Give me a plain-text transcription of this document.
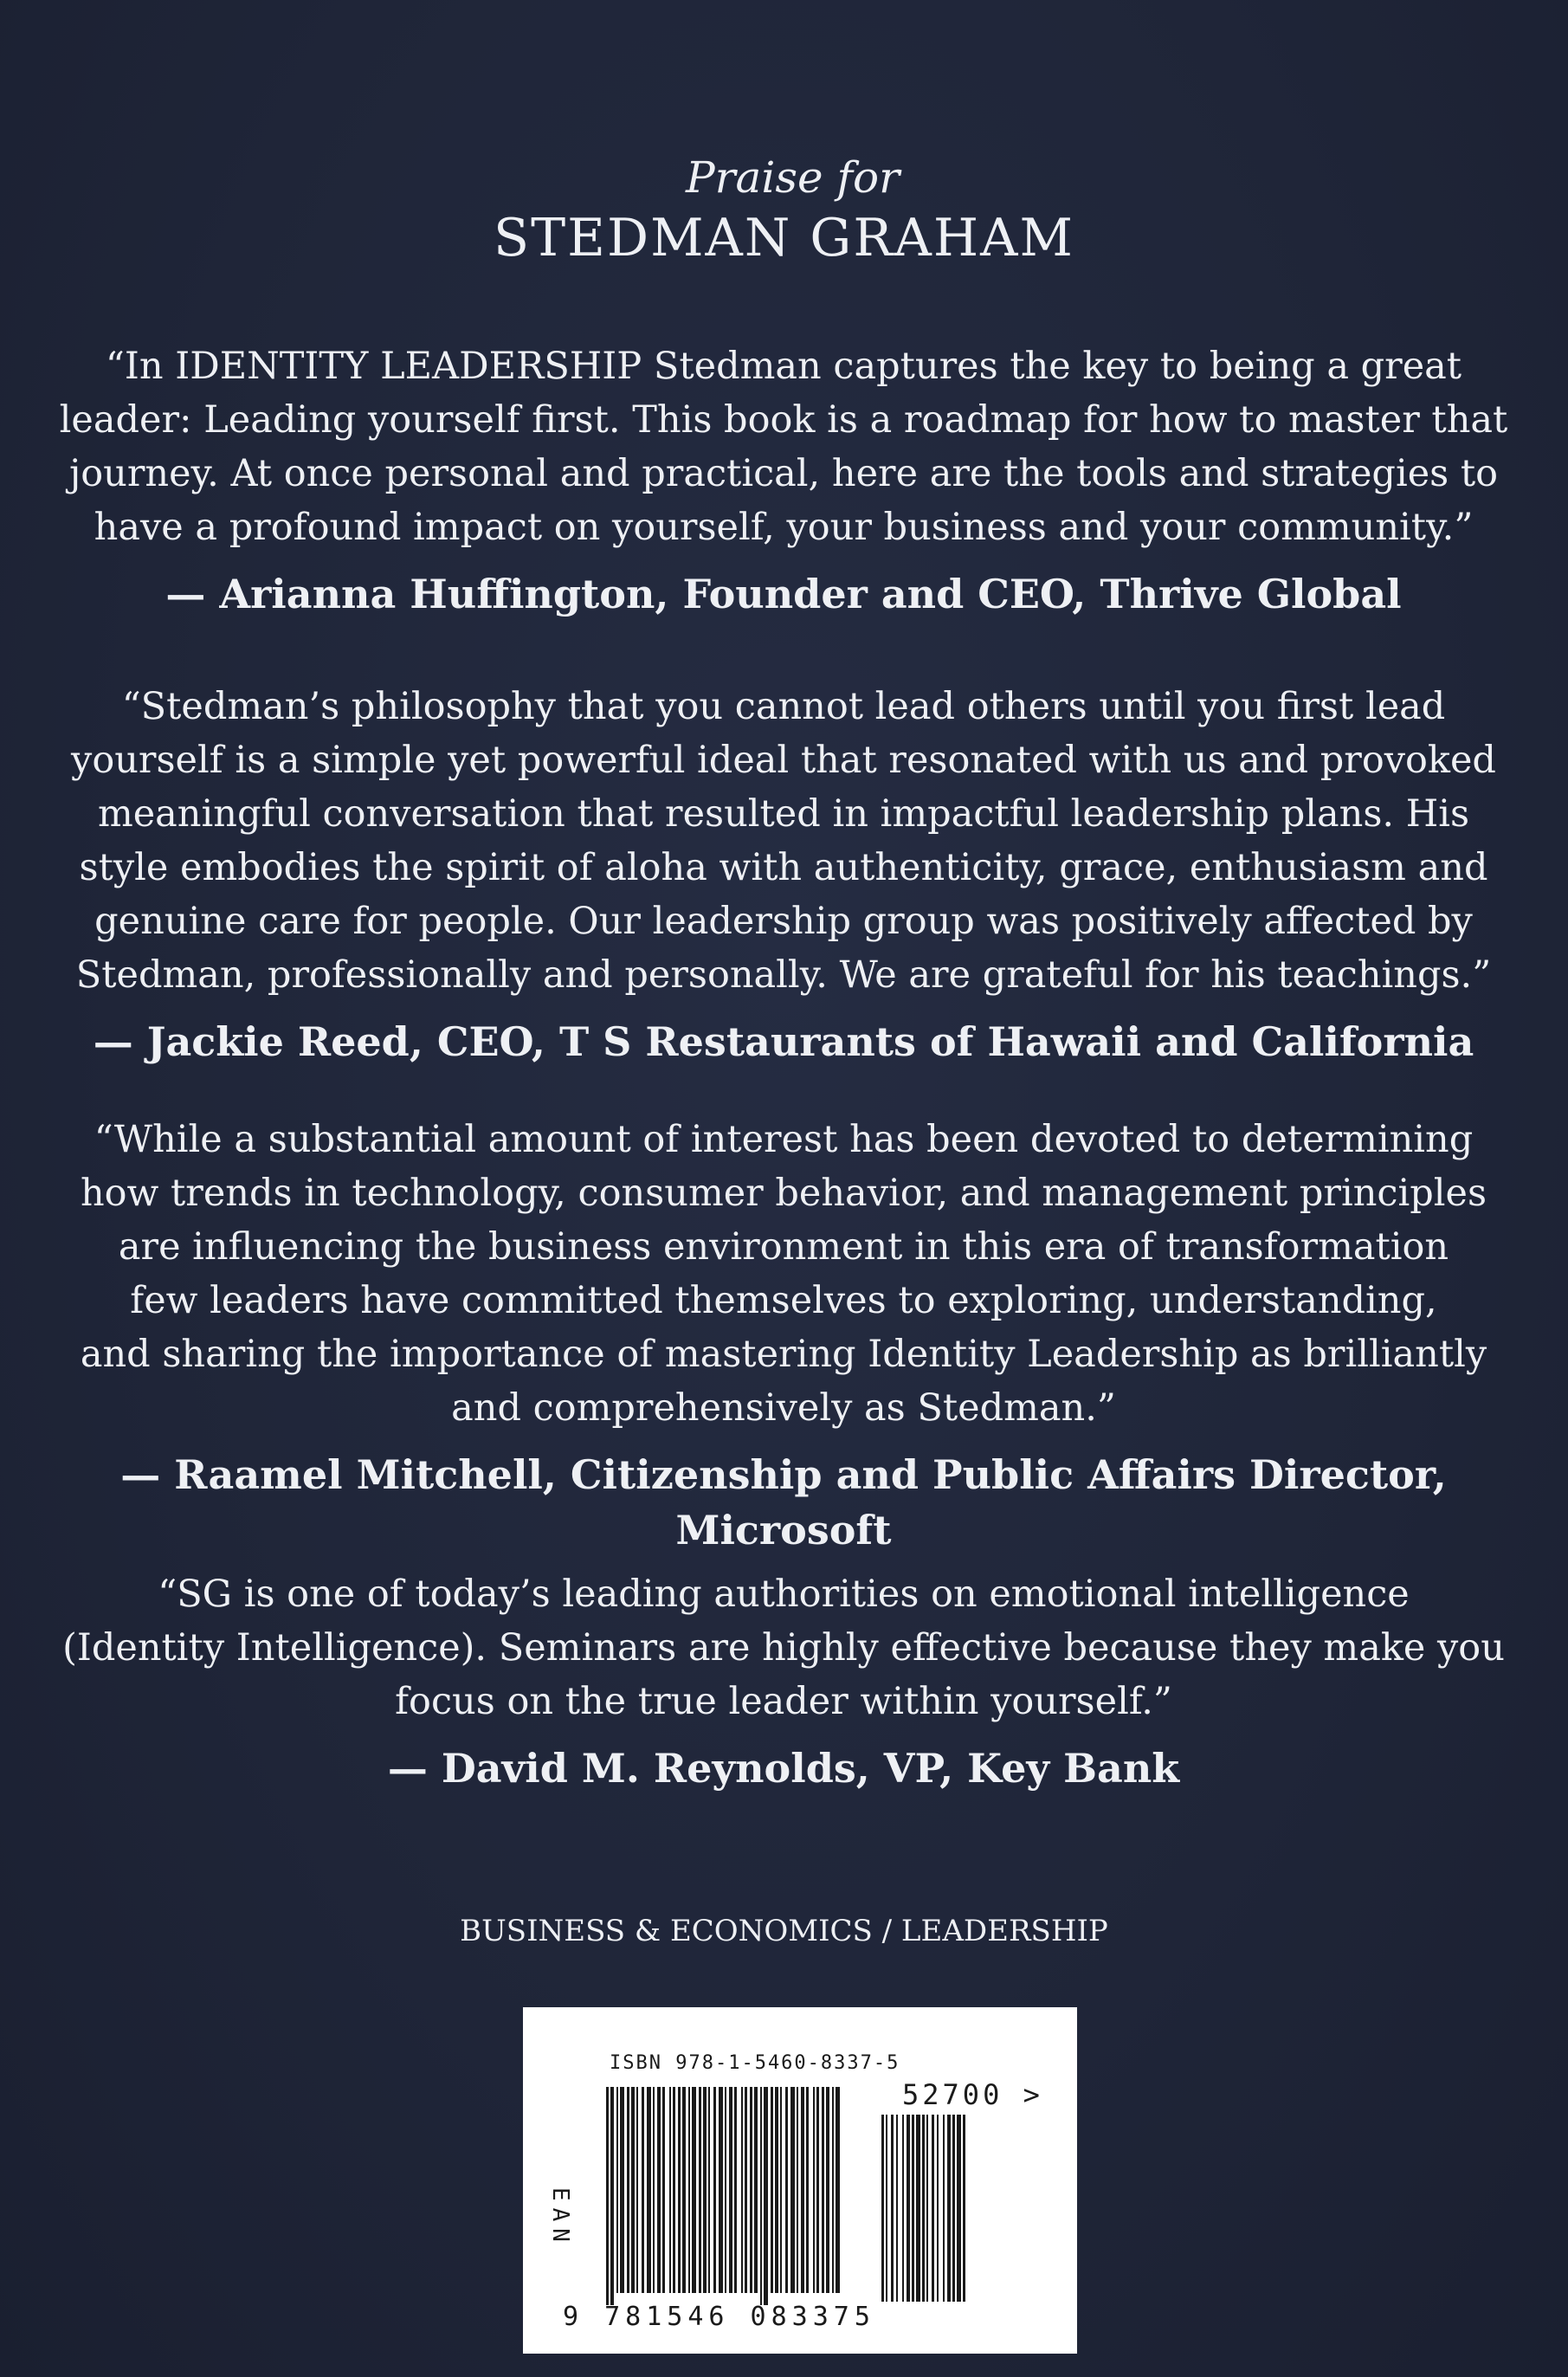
Praise for
STEDMAN GRAHAM

“In IDENTITY LEADERSHIP Stedman captures the key to being a great
leader: Leading yourself first. This book is a roadmap for how to master that
journey. At once personal and practical, here are the tools and strategies to
have a profound impact on yourself, your business and your community.”

— Arianna Huffington, Founder and CEO, Thrive Global

“Stedman’s philosophy that you cannot lead others until you first lead
yourself is a simple yet powerful ideal that resonated with us and provoked
meaningful conversation that resulted in impactful leadership plans. His
style embodies the spirit of aloha with authenticity, grace, enthusiasm and
genuine care for people. Our leadership group was positively affected by
Stedman, professionally and personally. We are grateful for his teachings.”

— Jackie Reed, CEO, T S Restaurants of Hawaii and California

“While a substantial amount of interest has been devoted to determining
how trends in technology, consumer behavior, and management principles
are influencing the business environment in this era of transformation
few leaders have committed themselves to exploring, understanding,
and sharing the importance of mastering Identity Leadership as brilliantly
and comprehensively as Stedman.”

— Raamel Mitchell, Citizenship and Public Affairs Director, Microsoft

“SG is one of today’s leading authorities on emotional intelligence
(Identity Intelligence). Seminars are highly effective because they make you
focus on the true leader within yourself.”

— David M. Reynolds, VP, Key Bank
BUSINESS & ECONOMICS / LEADERSHIP
ISBN 978-1-5460-8337-5
52700 >
EAN
9 781546 083375
